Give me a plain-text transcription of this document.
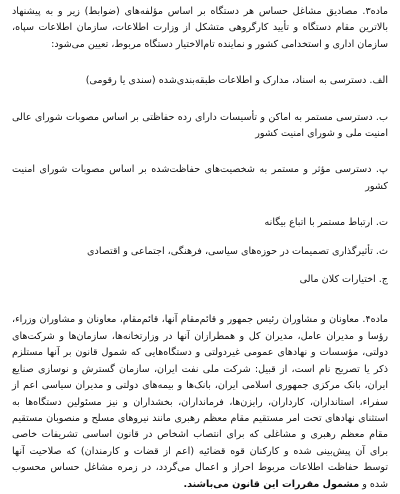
ماده۳. مصادیق مشاغل حساس هر دستگاه بر اساس مؤلفه‌های (ضوابط) زیر و به پیشنهاد بالاترین مقام دستگاه و تأیید کارگروهی متشکل از وزارت اطلاعات، سازمان اطلاعات سپاه، سازمان اداری و استخدامی کشور و نماینده تام‌الاختیار دستگاه مربوط، تعیین می‌شود:

الف. دسترسی به اسناد، مدارک و اطلاعات طبقه‌بندی‌شده (سندی یا رقومی)

ب. دسترسی مستمر به اماکن و تأسیسات دارای رده حفاظتی بر اساس مصوبات شورای عالی امنیت ملی و شورای امنیت کشور

پ. دسترسی مؤثر و مستمر به شخصیت‌های حفاظت‌شده بر اساس مصوبات شورای امنیت کشور

ت. ارتباط مستمر با اتباع بیگانه

ث. تأثیرگذاری تصمیمات در حوزه‌های سیاسی، فرهنگی، اجتماعی و اقتصادی

ج. اختیارات کلان مالی

ماده۴. معاونان و مشاوران رئیس جمهور و قائم‌مقام آنها، قائم‌مقام، معاونان و مشاوران وزراء، رؤسا و مدیران عامل، مدیران کل و همطرازان آنها در وزارتخانه‌ها، سازمان‌ها و شرکت‌های دولتی، مؤسسات و نهادهای عمومی غیردولتی و دستگاه‌هایی که شمول قانون بر آنها مستلزم ذکر یا تصریح نام است، از قبیل: شرکت ملی نفت ایران، سازمان گسترش و نوسازی صنایع ایران، بانک مرکزی جمهوری اسلامی ایران، بانک‌ها و بیمه‌های دولتی و مدیران سیاسی اعم از سفراء، استانداران، کارداران، رایزن‌ها، فرمانداران، بخشداران و نیز مسئولین دستگاه‌ها به استثنای نهادهای تحت امر مستقیم مقام معظم رهبری مانند نیروهای مسلح و منصوبان مستقیم مقام معظم رهبری و مشاغلی که برای انتصاب اشخاص در قانون اساسی تشریفات خاصی برای آن پیش‌بینی شده و کارکنان قوه قضائیه (اعم از قضات و کارمندان) که صلاحیت آنها توسط حفاظت اطلاعات مربوط احراز و اعمال می‌گردد، در زمره مشاغل حساس محسوب شده و مشمول مقررات این قانون می‌باشند.
